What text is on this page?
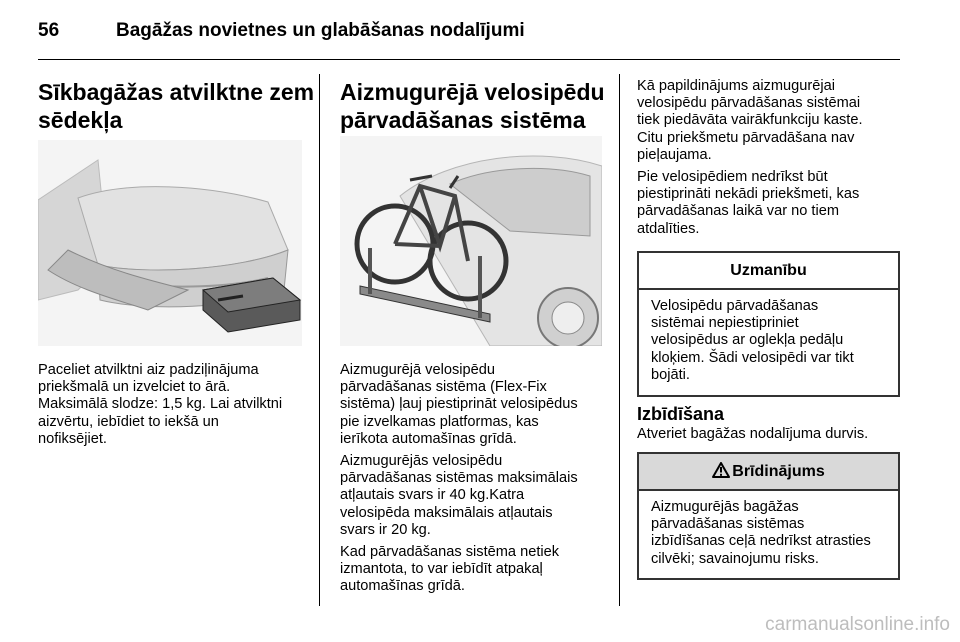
56	Bagāžas novietnes un glabāšanas nodalījumi
Sīkbagāžas atvilktne zem
sēdekļa
Paceliet atvilktni aiz padziļinājuma
priekšmalā un izvelciet to ārā.
Maksimālā slodze: 1,5 kg. Lai atvilktni
aizvērtu, iebīdiet to iekšā un
nofiksējiet.
Aizmugurējā velosipēdu
pārvadāšanas sistēma

Aizmugurējā velosipēdu
pārvadāšanas sistēma (Flex-Fix
sistēma) ļauj piestiprināt velosipēdus
pie izvelkamas platformas, kas
ierīkota automašīnas grīdā.

Aizmugurējās velosipēdu
pārvadāšanas sistēmas maksimālais
atļautais svars ir 40 kg.Katra
velosipēda maksimālais atļautais
svars ir 20 kg.

Kad pārvadāšanas sistēma netiek
izmantota, to var iebīdīt atpakaļ
automašīnas grīdā.

Kā papildinājums aizmugurējai
velosipēdu pārvadāšanas sistēmai
tiek piedāvāta vairākfunkciju kaste.
Citu priekšmetu pārvadāšana nav
pieļaujama.

Pie velosipēdiem nedrīkst būt
piestiprināti nekādi priekšmeti, kas
pārvadāšanas laikā var no tiem
atdalīties.

Uzmanību
Velosipēdu pārvadāšanas
sistēmai nepiestipriniet
velosipēdus ar oglekļa pedāļu
kloķiem. Šādi velosipēdi var tikt
bojāti.
Izbīdīšana
Atveriet bagāžas nodalījuma durvis.
Brīdinājums
Aizmugurējās bagāžas
pārvadāšanas sistēmas
izbīdīšanas ceļā nedrīkst atrasties
cilvēki; savainojumu risks.
carmanualsonline.info
